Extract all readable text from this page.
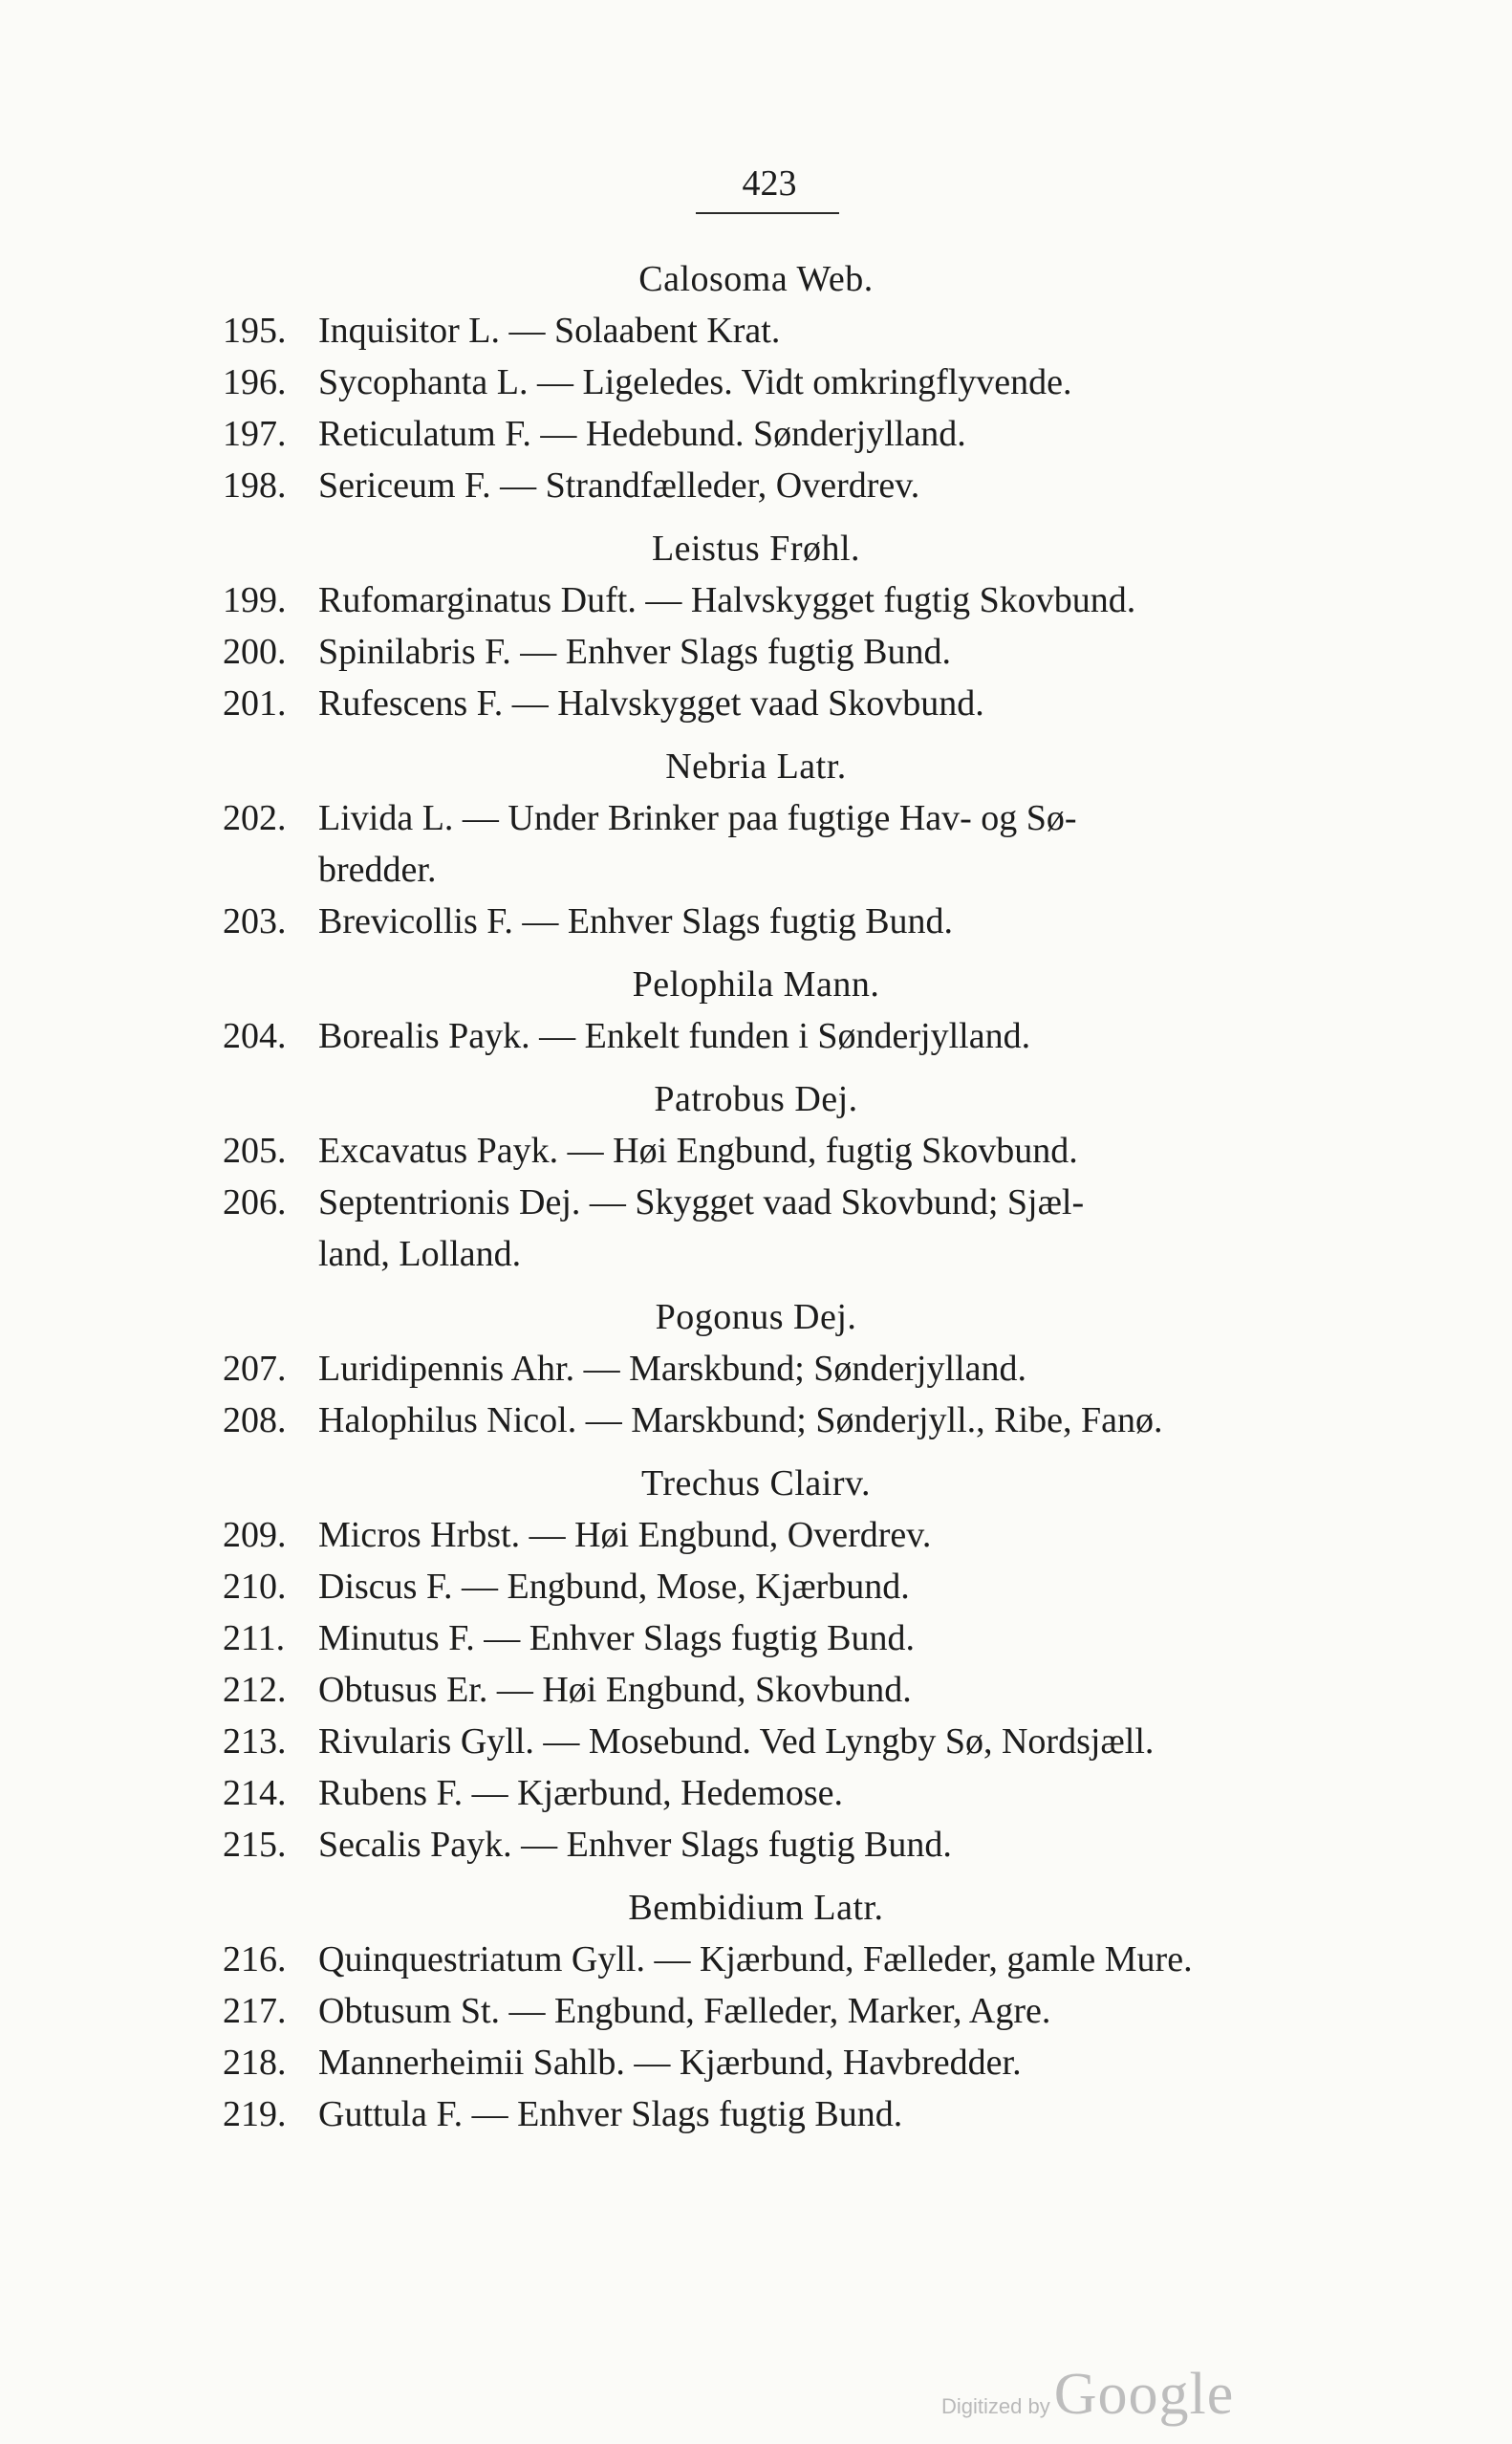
423
Calosoma Web.
195. Inquisitor L. — Solaabent Krat.
196. Sycophanta L. — Ligeledes. Vidt omkringflyvende.
197. Reticulatum F. — Hedebund. Sønderjylland.
198. Sericeum F. — Strandfælleder, Overdrev.
Leistus Frøhl.
199. Rufomarginatus Duft. — Halvskygget fugtig Skovbund.
200. Spinilabris F. — Enhver Slags fugtig Bund.
201. Rufescens F. — Halvskygget vaad Skovbund.
Nebria Latr.
202. Livida L. — Under Brinker paa fugtige Hav- og Sø-
bredder.
203. Brevicollis F. — Enhver Slags fugtig Bund.
Pelophila Mann.
204. Borealis Payk. — Enkelt funden i Sønderjylland.
Patrobus Dej.
205. Excavatus Payk. — Høi Engbund, fugtig Skovbund.
206. Septentrionis Dej. — Skygget vaad Skovbund; Sjæl-
land, Lolland.
Pogonus Dej.
207. Luridipennis Ahr. — Marskbund; Sønderjylland.
208. Halophilus Nicol. — Marskbund; Sønderjyll., Ribe, Fanø.
Trechus Clairv.
209. Micros Hrbst. — Høi Engbund, Overdrev.
210. Discus F. — Engbund, Mose, Kjærbund.
211. Minutus F. — Enhver Slags fugtig Bund.
212. Obtusus Er. — Høi Engbund, Skovbund.
213. Rivularis Gyll. — Mosebund. Ved Lyngby Sø, Nordsjæll.
214. Rubens F. — Kjærbund, Hedemose.
215. Secalis Payk. — Enhver Slags fugtig Bund.
Bembidium Latr.
216. Quinquestriatum Gyll. — Kjærbund, Fælleder, gamle Mure.
217. Obtusum St. — Engbund, Fælleder, Marker, Agre.
218. Mannerheimii Sahlb. — Kjærbund, Havbredder.
219. Guttula F. — Enhver Slags fugtig Bund.
Digitized by Google
